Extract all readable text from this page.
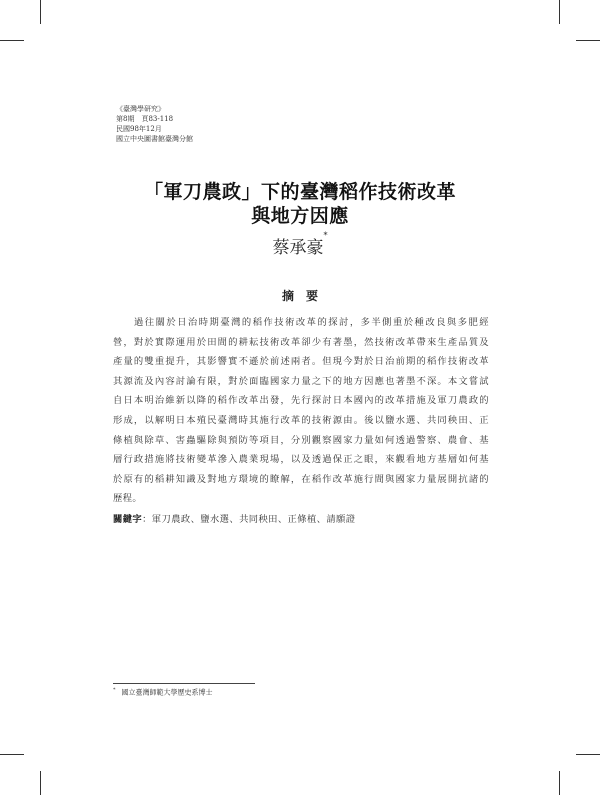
《臺灣學研究》
第8期　頁83-118
民國98年12月
國立中央圖書館臺灣分館
「軍刀農政」下的臺灣稻作技術改革
與地方因應
蔡承豪*
摘要
過往關於日治時期臺灣的稻作技術改革的探討，多半側重於種改良與多肥經
營，對於實際運用於田間的耕耘技術改革卻少有著墨，然技術改革帶來生產品質及
產量的雙重提升，其影響實不遜於前述兩者。但現今對於日治前期的稻作技術改革
其源流及內容討論有限，對於面臨國家力量之下的地方因應也著墨不深。本文嘗試
自日本明治維新以降的稻作改革出發，先行探討日本國內的改革措施及軍刀農政的
形成，以解明日本殖民臺灣時其施行改革的技術源由。後以鹽水選、共同秧田、正
條植與除草、害蟲驅除與預防等項目，分別觀察國家力量如何透過警察、農會、基
層行政措施將技術變革滲入農業現場，以及透過保正之眼，來觀看地方基層如何基
於原有的稻耕知識及對地方環境的瞭解，在稻作改革施行間與國家力量展開抗諸的
歷程。
關鍵字：軍刀農政、鹽水選、共同秧田、正條植、請願證
* 國立臺灣師範大學歷史系博士
